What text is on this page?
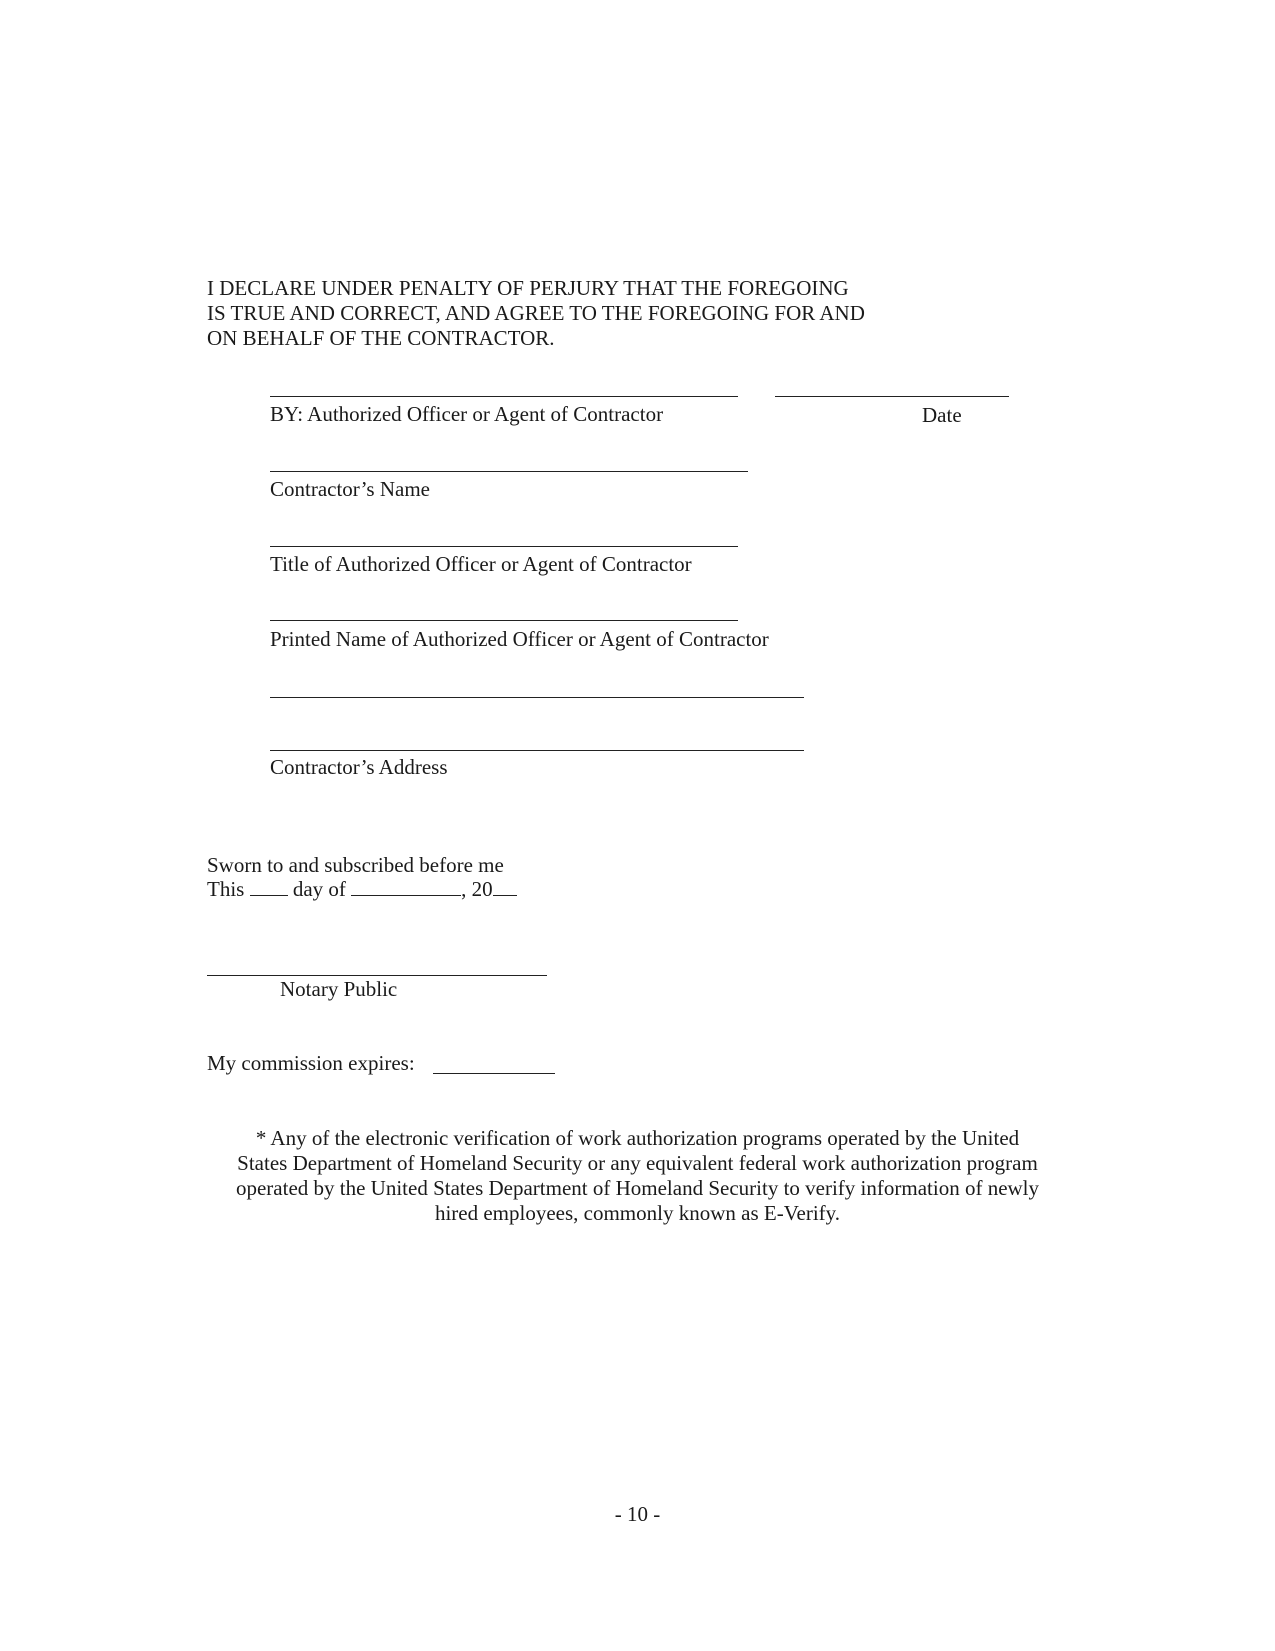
I DECLARE UNDER PENALTY OF PERJURY THAT THE FOREGOING
IS TRUE AND CORRECT, AND AGREE TO THE FOREGOING FOR AND
ON BEHALF OF THE CONTRACTOR.
BY: Authorized Officer or Agent of Contractor	Date
Contractor’s Name
Title of Authorized Officer or Agent of Contractor
Printed Name of Authorized Officer or Agent of Contractor
Contractor’s Address
Sworn to and subscribed before me
This day of	, 20
Notary Public
My commission expires:
* Any of the electronic verification of work authorization programs operated by the United
States Department of Homeland Security or any equivalent federal work authorization program
operated by the United States Department of Homeland Security to verify information of newly
hired employees, commonly known as E-Verify.
- 10 -
